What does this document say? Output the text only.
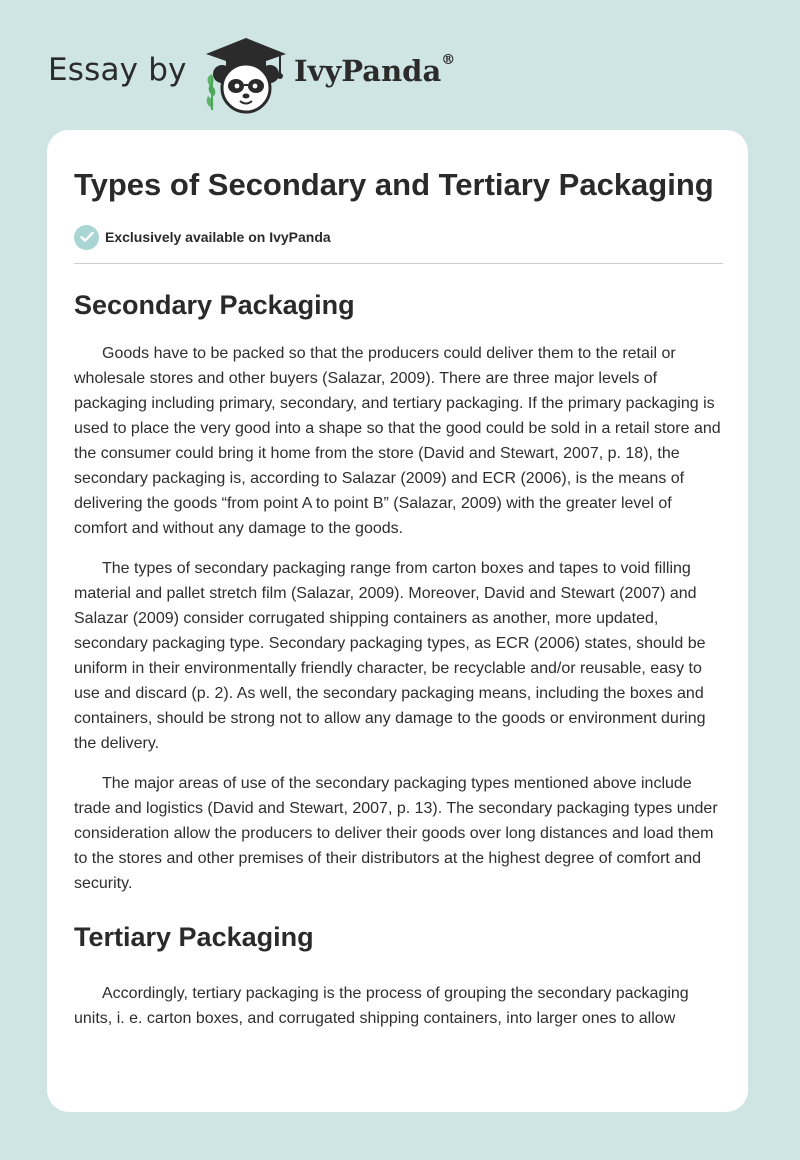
Essay by	IvyPanda®
Types of Secondary and Tertiary Packaging
Exclusively available on IvyPanda
Secondary Packaging

Goods have to be packed so that the producers could deliver them to the retail or wholesale stores and other buyers (Salazar, 2009). There are three major levels of packaging including primary, secondary, and tertiary packaging. If the primary packaging is used to place the very good into a shape so that the good could be sold in a retail store and the consumer could bring it home from the store (David and Stewart, 2007, p. 18), the secondary packaging is, according to Salazar (2009) and ECR (2006), is the means of delivering the goods “from point A to point B” (Salazar, 2009) with the greater level of comfort and without any damage to the goods.

The types of secondary packaging range from carton boxes and tapes to void filling material and pallet stretch film (Salazar, 2009). Moreover, David and Stewart (2007) and Salazar (2009) consider corrugated shipping containers as another, more updated, secondary packaging type. Secondary packaging types, as ECR (2006) states, should be uniform in their environmentally friendly character, be recyclable and/or reusable, easy to use and discard (p. 2). As well, the secondary packaging means, including the boxes and containers, should be strong not to allow any damage to the goods or environment during the delivery.

The major areas of use of the secondary packaging types mentioned above include trade and logistics (David and Stewart, 2007, p. 13). The secondary packaging types under consideration allow the producers to deliver their goods over long distances and load them to the stores and other premises of their distributors at the highest degree of comfort and security.

Tertiary Packaging

Accordingly, tertiary packaging is the process of grouping the secondary packaging units, i. e. carton boxes, and corrugated shipping containers, into larger ones to allow
